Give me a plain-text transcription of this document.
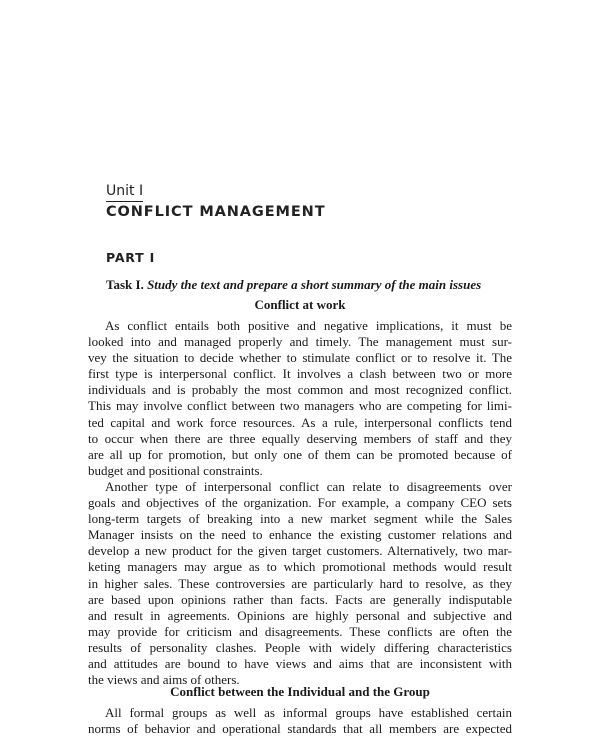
Unit I
CONFLICT MANAGEMENT
PART I
Task I. Study the text and prepare a short summary of the main issues
Conflict at work
As conflict entails both positive and negative implications, it must be
looked into and managed properly and timely. The management must sur-
vey the situation to decide whether to stimulate conflict or to resolve it. The
first type is interpersonal conflict. It involves a clash between two or more
individuals and is probably the most common and most recognized conflict.
This may involve conflict between two managers who are competing for limi-
ted capital and work force resources. As a rule, interpersonal conflicts tend
to occur when there are three equally deserving members of staff and they
are all up for promotion, but only one of them can be promoted because of
budget and positional constraints.
Another type of interpersonal conflict can relate to disagreements over
goals and objectives of the organization. For example, a company CEO sets
long-term targets of breaking into a new market segment while the Sales
Manager insists on the need to enhance the existing customer relations and
develop a new product for the given target customers. Alternatively, two mar-
keting managers may argue as to which promotional methods would result
in higher sales. These controversies are particularly hard to resolve, as they
are based upon opinions rather than facts. Facts are generally indisputable
and result in agreements. Opinions are highly personal and subjective and
may provide for criticism and disagreements. These conflicts are often the
results of personality clashes. People with widely differing characteristics
and attitudes are bound to have views and aims that are inconsistent with
the views and aims of others.
Conflict between the Individual and the Group
All formal groups as well as informal groups have established certain
norms of behavior and operational standards that all members are expected
